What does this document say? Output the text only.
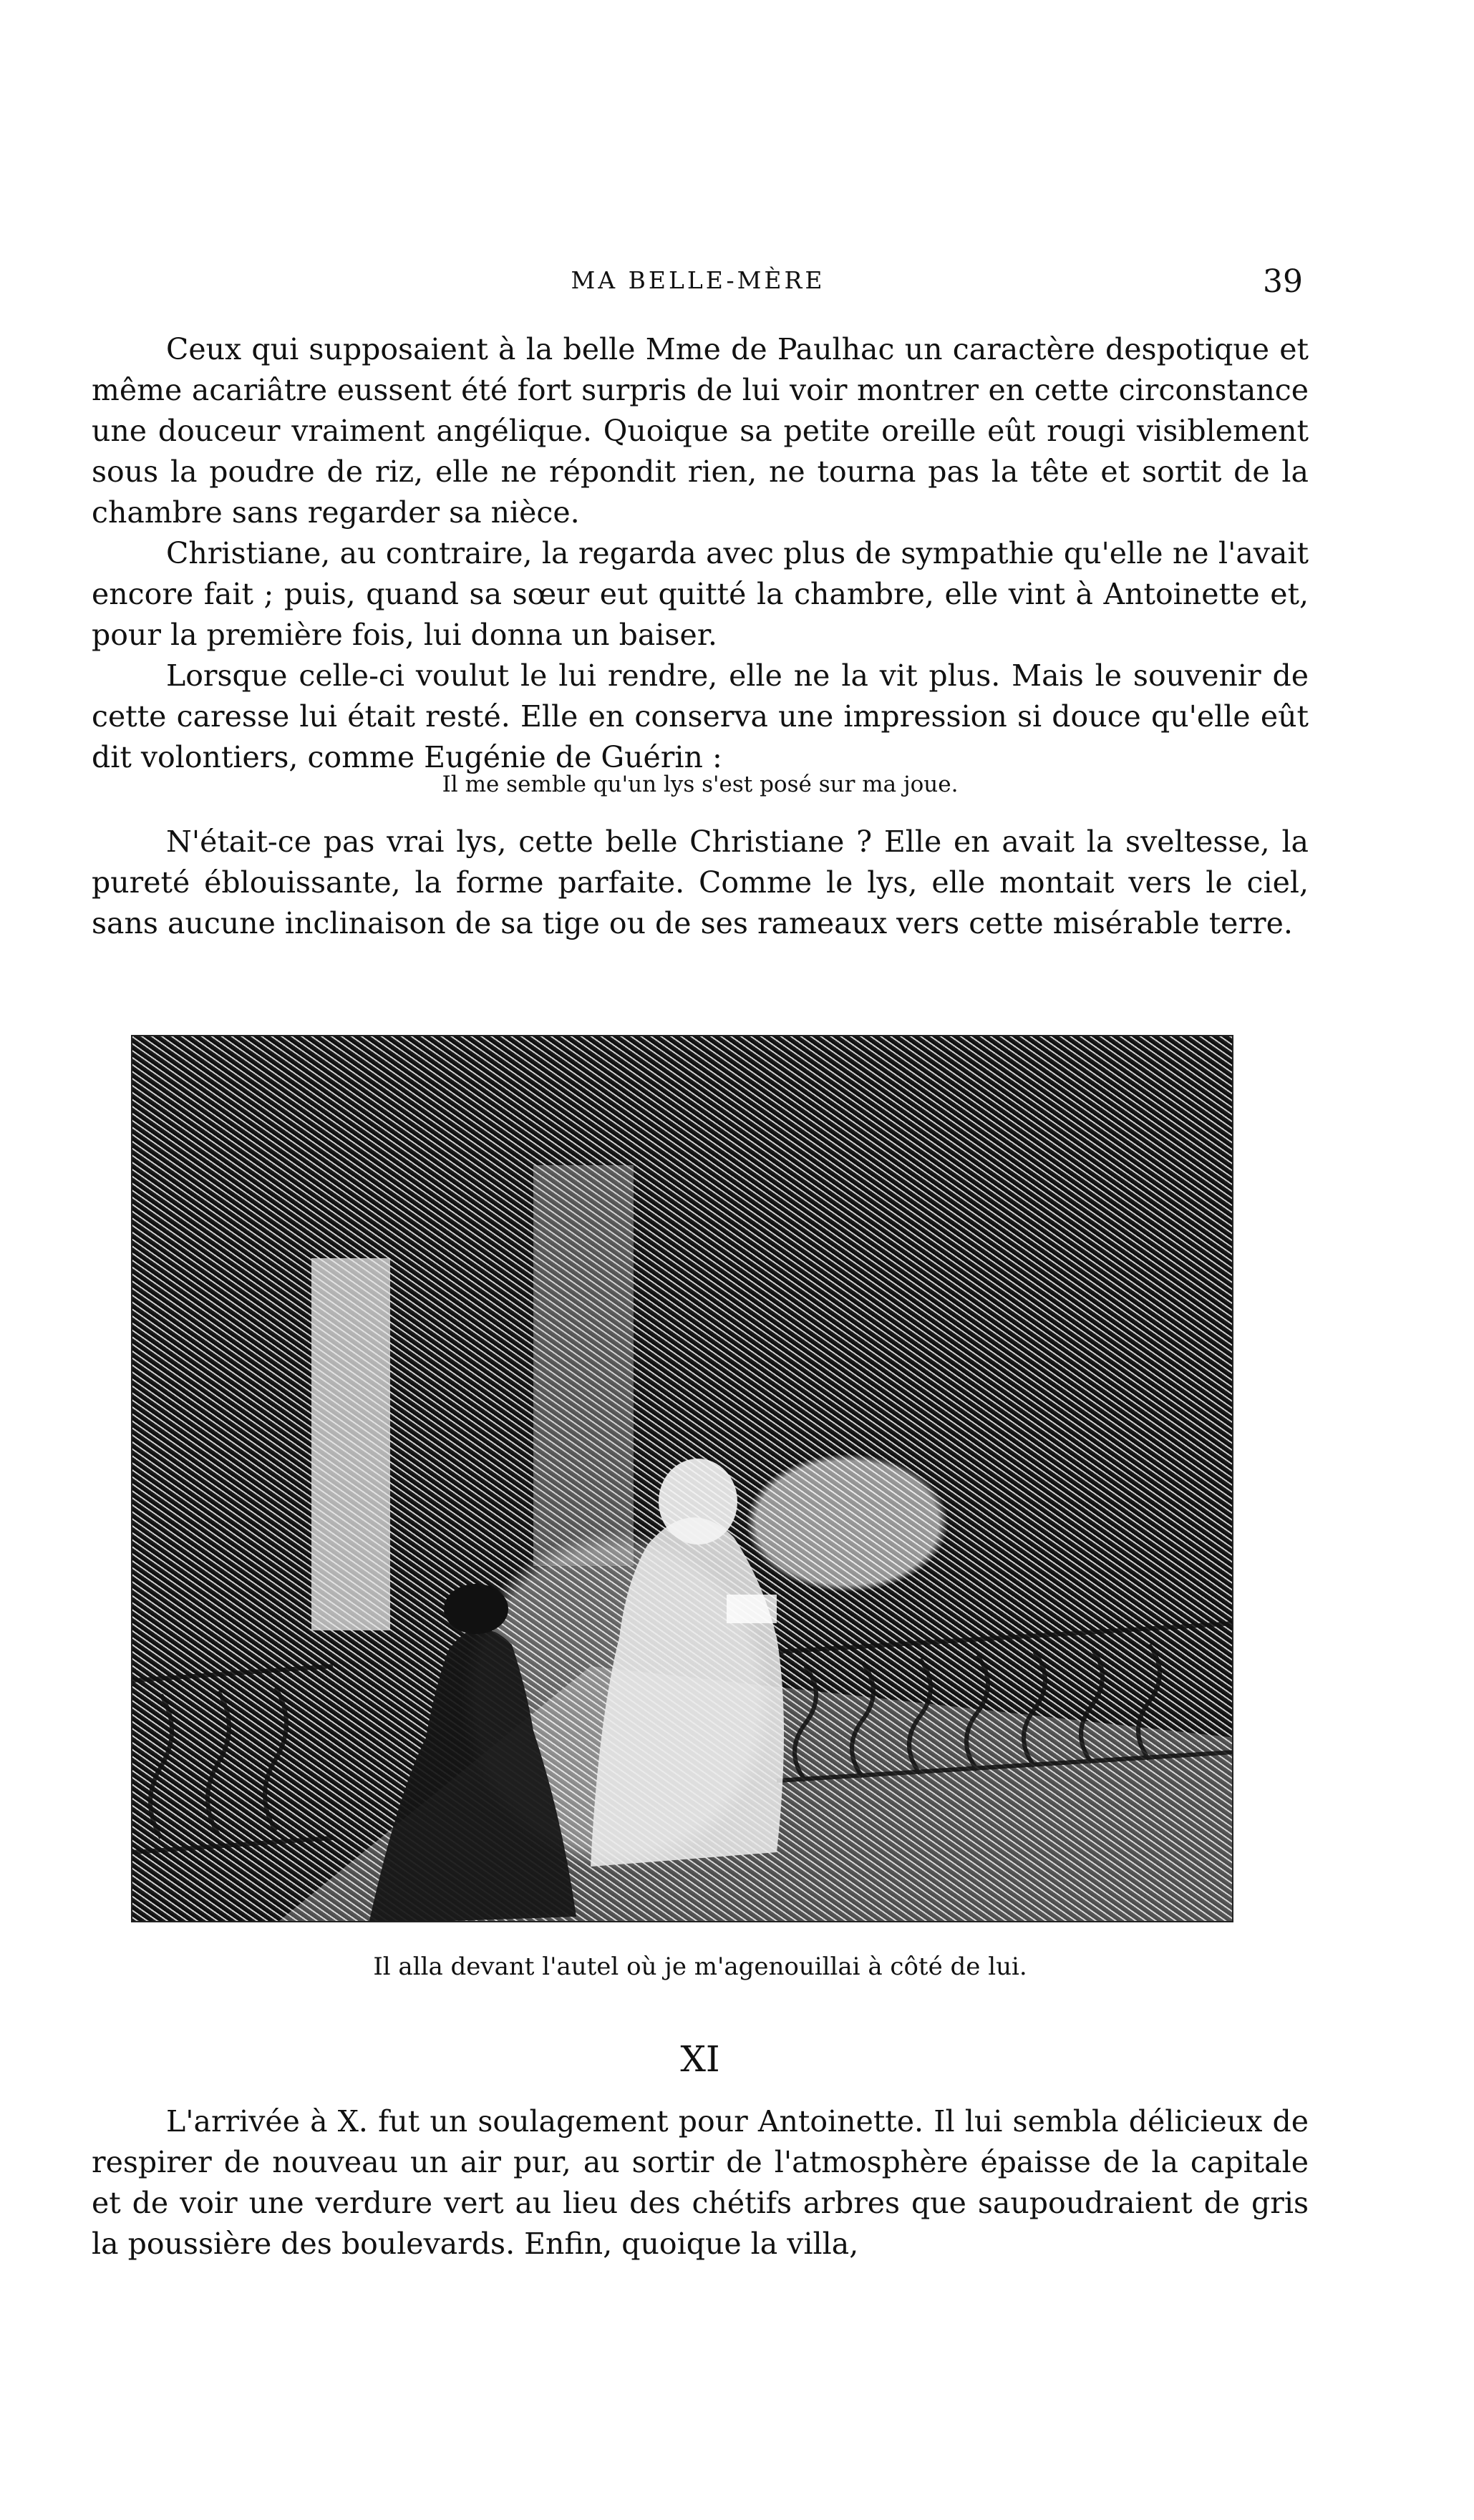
MA BELLE-MÈRE	39

Ceux qui supposaient à la belle Mme de Paulhac un caractère despotique et même acariâtre eussent été fort surpris de lui voir montrer en cette circonstance une douceur vraiment angélique. Quoique sa petite oreille eût rougi visiblement sous la poudre de riz, elle ne répondit rien, ne tourna pas la tête et sortit de la chambre sans regarder sa nièce.

Christiane, au contraire, la regarda avec plus de sympathie qu'elle ne l'avait encore fait ; puis, quand sa sœur eut quitté la chambre, elle vint à Antoinette et, pour la première fois, lui donna un baiser.

Lorsque celle-ci voulut le lui rendre, elle ne la vit plus. Mais le souvenir de cette caresse lui était resté. Elle en conserva une impression si douce qu'elle eût dit volontiers, comme Eugénie de Guérin :

Il me semble qu'un lys s'est posé sur ma joue.

N'était-ce pas vrai lys, cette belle Christiane ? Elle en avait la sveltesse, la pureté éblouissante, la forme parfaite. Comme le lys, elle montait vers le ciel, sans aucune inclinaison de sa tige ou de ses rameaux vers cette misérable terre.

Il alla devant l'autel où je m'agenouillai à côté de lui.
XI

L'arrivée à X. fut un soulagement pour Antoinette. Il lui sembla délicieux de respirer de nouveau un air pur, au sortir de l'atmosphère épaisse de la capitale et de voir une verdure vert au lieu des chétifs arbres que saupoudraient de gris la poussière des boulevards. Enfin, quoique la villa,
